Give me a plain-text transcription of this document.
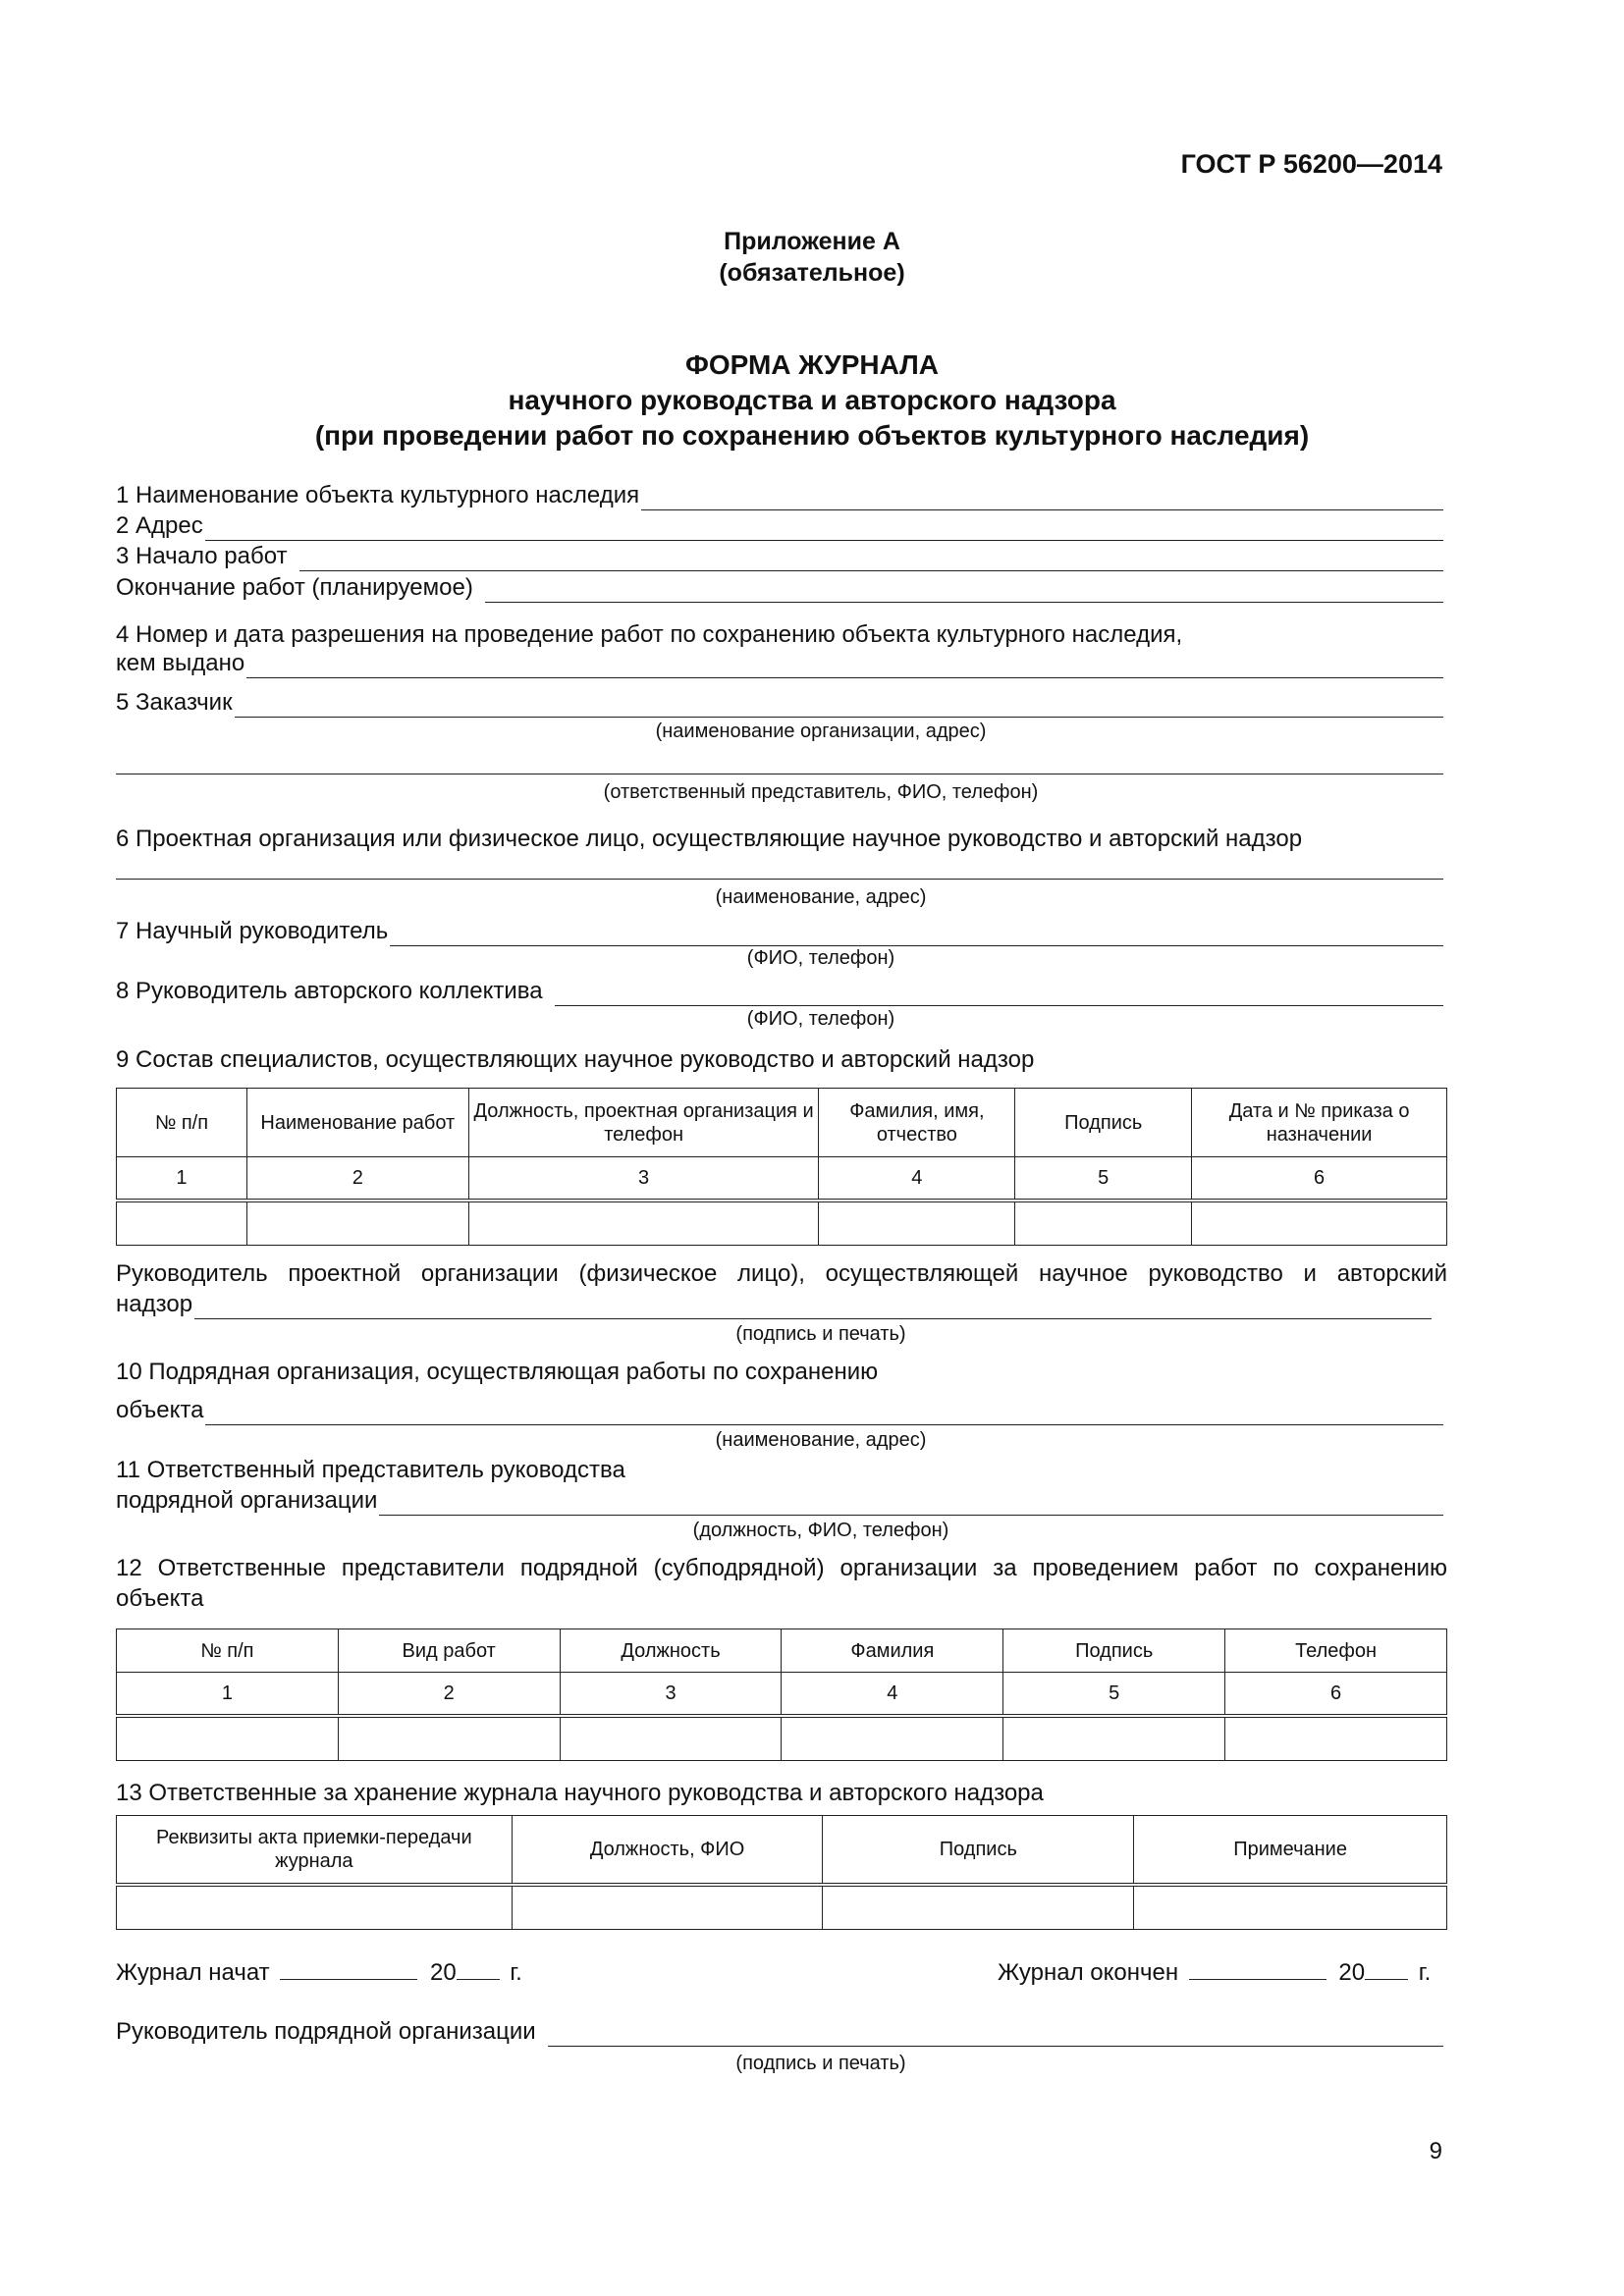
ГОСТ Р 56200—2014
Приложение А
(обязательное)
ФОРМА ЖУРНАЛА
научного руководства и авторского надзора
(при проведении работ по сохранению объектов культурного наследия)
1 Наименование объекта культурного наследия
2 Адрес
3 Начало работ
Окончание работ (планируемое)
4 Номер и дата разрешения на проведение работ по сохранению объекта культурного наследия,
кем выдано
5 Заказчик
(наименование организации, адрес)
(ответственный представитель, ФИО, телефон)
6 Проектная организация или физическое лицо, осуществляющие научное руководство и авторский надзор
(наименование, адрес)
7 Научный руководитель
(ФИО, телефон)
8 Руководитель авторского коллектива
(ФИО, телефон)
9 Состав специалистов, осуществляющих научное руководство и авторский надзор
№ п/п	Наименование работ	Должность, проектная организация и телефон	Фамилия, имя, отчество	Подпись	Дата и № приказа о назначении
1	2	3	4	5	6

Руководитель проектной организации (физическое лицо), осуществляющей научное руководство и авторский
надзор
(подпись и печать)
10 Подрядная организация, осуществляющая работы по сохранению
объекта
(наименование, адрес)
11 Ответственный представитель руководства
подрядной организации
(должность, ФИО, телефон)
12 Ответственные представители подрядной (субподрядной) организации за проведением работ по сохранению
объекта
№ п/п	Вид работ	Должность	Фамилия	Подпись	Телефон
1	2	3	4	5	6

13 Ответственные за хранение журнала научного руководства и авторского надзора
Реквизиты акта приемки-передачи журнала	Должность, ФИО	Подпись	Примечание

Журнал начат	20 г.	Журнал окончен	20 г.
Руководитель подрядной организации
(подпись и печать)
9
